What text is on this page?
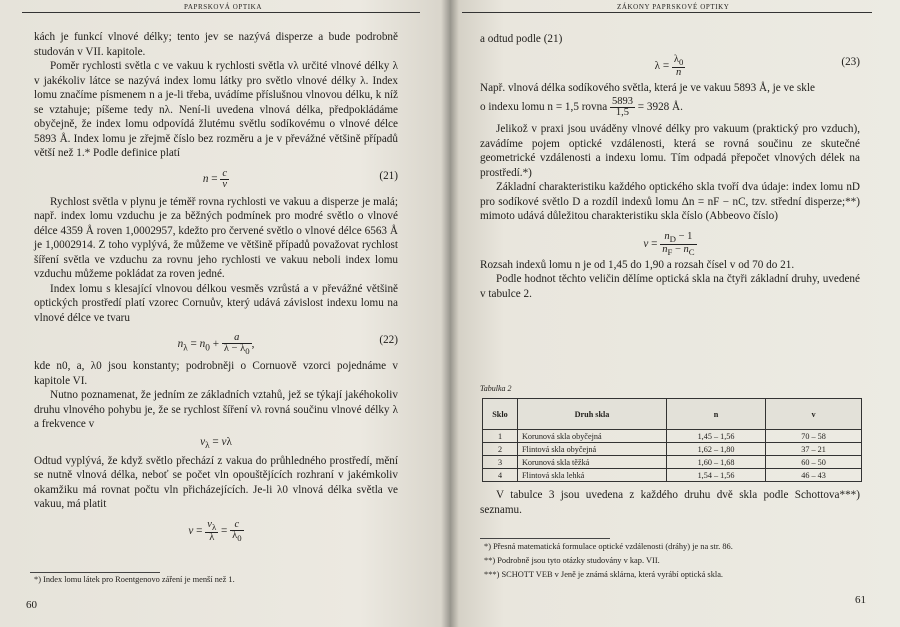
PAPRSKOVÁ OPTIKA

kách je funkcí vlnové délky; tento jev se nazývá disperze a bude podrobně studován v VII. kapitole.

Poměr rychlosti světla c ve vakuu k rychlosti světla vλ určité vlnové délky λ v jakékoliv látce se nazývá index lomu látky pro světlo vlnové délky λ. Index lomu značíme písmenem n a je-li třeba, uvádíme příslušnou vlnovou délku, k níž se vztahuje; píšeme tedy nλ. Není-li uvedena vlnová délka, předpokládáme obyčejně, že index lomu odpovídá žlutému světlu sodíkovému o vlnové délce 5893 Å. Index lomu je zřejmě číslo bez rozměru a je v převážné většině případů větší než 1.* Podle definice platí

$n = \frac{c}{v}$	(21)

Rychlost světla v plynu je téměř rovna rychlosti ve vakuu a disperze je malá; např. index lomu vzduchu je za běžných podmínek pro modré světlo o vlnové délce 4359 Å roven 1,0002957, kdežto pro červené světlo o vlnové délce 6563 Å je 1,0002914. Z toho vyplývá, že můžeme ve většině případů považovat rychlost šíření světla ve vzduchu za rovnu jeho rychlosti ve vakuu neboli index lomu vzduchu můžeme pokládat za roven jedné.

Index lomu s klesající vlnovou délkou vesměs vzrůstá a v převážné většině optických prostředí platí vzorec Cornuův, který udává závislost indexu lomu na vlnové délce ve tvaru

$n_\lambda = n_0 + \frac{a}{\lambda - \lambda_0}$ ,	(22)

kde n0, a, λ0 jsou konstanty; podrobněji o Cornuově vzorci pojednáme v kapitole VI.

Nutno poznamenat, že jedním ze základních vztahů, jež se týkají jakéhokoliv druhu vlnového pohybu je, že se rychlost šíření vλ rovná součinu vlnové délky λ a frekvence v

$v_\lambda = v\lambda$

Odtud vyplývá, že když světlo přechází z vakua do průhledného prostředí, mění se nutně vlnová délka, neboť se počet vln opouštějících rozhraní v jakémkoliv okamžiku má rovnat počtu vln přicházejících. Je-li λ0 vlnová délka světla ve vakuu, má platit

$v = \frac{v_\lambda}{\lambda} = \frac{c}{\lambda_0}$
*) Index lomu látek pro Roentgenovo záření je menší než 1.
60
ZÁKONY PAPRSKOVÉ OPTIKY

a odtud podle (21)

$\lambda = \frac{\lambda_0}{n}$	(23)

Např. vlnová délka sodíkového světla, která je ve vakuu 5893 Å, je ve skle

o indexu lomu n = 1,5 rovna $\frac{5893}{1,5} = 3928$ Å.

Jelikož v praxi jsou uváděny vlnové délky pro vakuum (praktický pro vzduch), zavádíme pojem optické vzdálenosti, která se rovná součinu ze skutečné geometrické vzdálenosti a indexu lomu. Tím odpadá přepočet vlnových délek na prostředí.*)

Základní charakteristiku každého optického skla tvoří dva údaje: index lomu nD pro sodíkové světlo D a rozdíl indexů lomu Δn = nF − nC, tzv. střední disperze;**) mimoto udává důležitou charakteristiku skla číslo (Abbeovo číslo)

$v = \frac{n_D - 1}{n_F - n_C}$

Rozsah indexů lomu n je od 1,45 do 1,90 a rozsah čísel v od 70 do 21.

Podle hodnot těchto veličin dělíme optická skla na čtyři základní druhy, uvedené v tabulce 2.

Tabulka 2
Sklo	Druh skla	n	v
1	Korunová skla obyčejná	1,45 – 1,56	70 – 58
2	Flintová skla obyčejná	1,62 – 1,80	37 – 21
3	Korunová skla těžká	1,60 – 1,68	60 – 50
4	Flintová skla lehká	1,54 – 1,56	46 – 43

V tabulce 3 jsou uvedena z každého druhu dvě skla podle Schottova***) seznamu.

*) Přesná matematická formulace optické vzdálenosti (dráhy) je na str. 86.
**) Podrobně jsou tyto otázky studovány v kap. VII.
***) SCHOTT VEB v Jeně je známá sklárna, která vyrábí optická skla.
61
